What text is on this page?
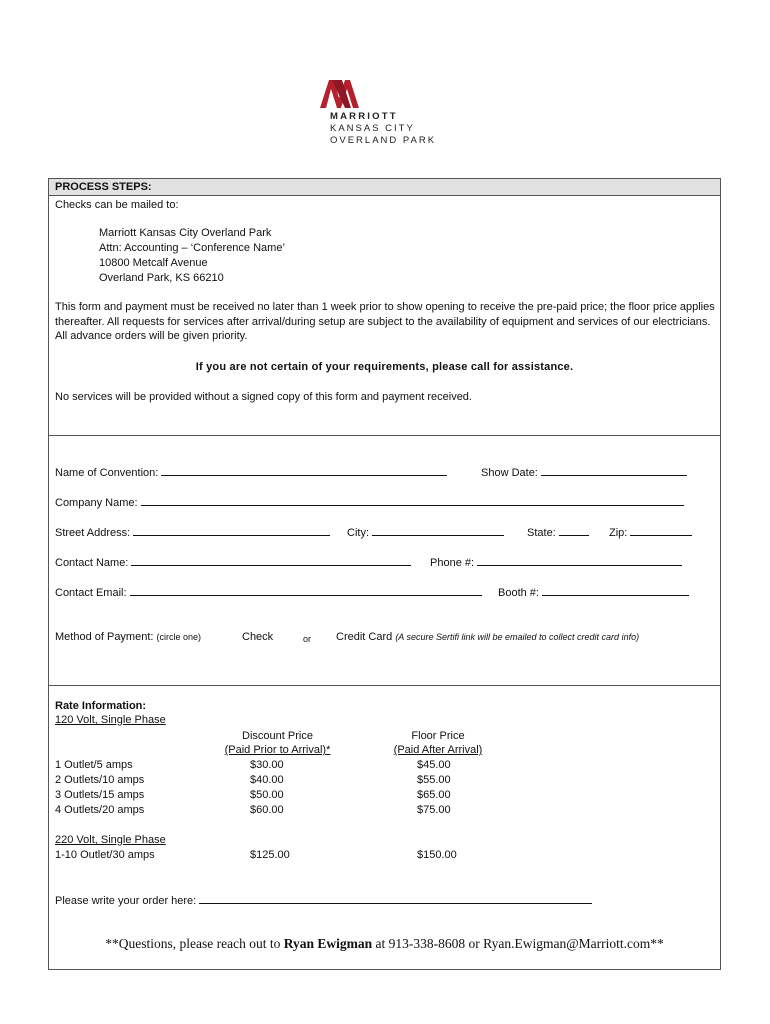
MARRIOTT
KANSAS CITY
OVERLAND PARK
PROCESS STEPS:
Checks can be mailed to:
Marriott Kansas City Overland Park
Attn: Accounting – ‘Conference Name’
10800 Metcalf Avenue
Overland Park, KS 66210
This form and payment must be received no later than 1 week prior to show opening to receive the pre-paid price; the floor price applies thereafter. All requests for services after arrival/during setup are subject to the availability of equipment and services of our electricians. All advance orders will be given priority.
If you are not certain of your requirements, please call for assistance.
No services will be provided without a signed copy of this form and payment received.
Name of Convention:	Show Date:
Company Name:
Street Address:	City:	State:	Zip:
Contact Name:	Phone #:
Contact Email:	Booth #:
Method of Payment: (circle one)	Check	or Credit Card (A secure Sertifi link will be emailed to collect credit card info)
Rate Information:
120 Volt, Single Phase
Discount Price
(Paid Prior to Arrival)*
Floor Price
(Paid After Arrival)
1 Outlet/5 amps	$30.00	$45.00
2 Outlets/10 amps	$40.00	$55.00
3 Outlets/15 amps	$50.00	$65.00
4 Outlets/20 amps	$60.00	$75.00
220 Volt, Single Phase
1-10 Outlet/30 amps	$125.00	$150.00
Please write your order here:
**Questions, please reach out to Ryan Ewigman at 913-338-8608 or Ryan.Ewigman@Marriott.com**
